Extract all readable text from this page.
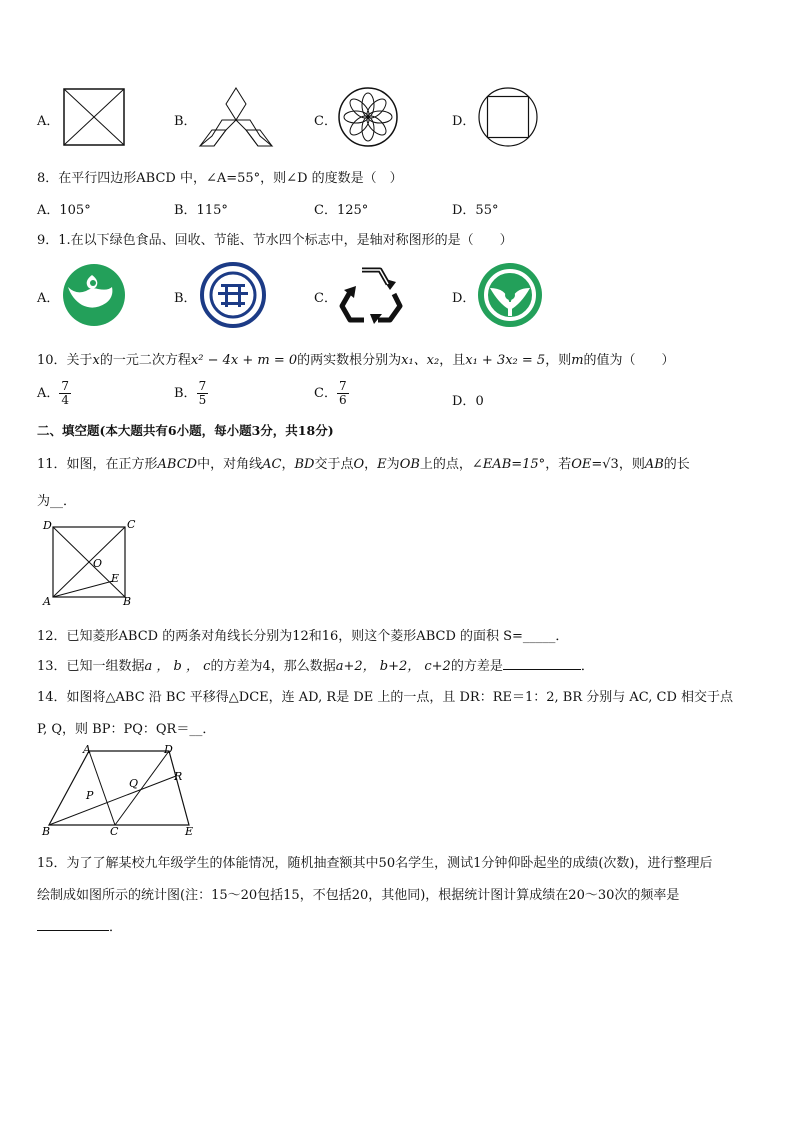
A．	B．	C．	D．
8．在平行四边形ABCD 中，∠A=55°，则∠D 的度数是（　）
A．105°	B．115°	C．125°	D．55°
9．1.在以下绿色食品、回收、节能、节水四个标志中，是轴对称图形的是（　　）
A．	B．	C．	D．
10．关于x的一元二次方程x² − 4x + m = 0的两实数根分别为x₁、x₂，且x₁ + 3x₂ = 5，则m的值为（　　）
A． $\frac{7}{4}$	B． $\frac{7}{5}$	C． $\frac{7}{6}$	D．0
二、填空题(本大题共有6小题，每小题3分，共18分)
11．如图，在正方形ABCD中，对角线AC，BD交于点O，E为OB上的点，∠EAB=15°，若OE=√3，则AB的长
为__．
D	C
O
E
A	B
12．已知菱形ABCD 的两条对角线长分别为12和16，则这个菱形ABCD 的面积 S=_____．
13．已知一组数据a ， b ， c的方差为4，那么数据a+2， b+2， c+2的方差是	．
14．如图将△ABC 沿 BC 平移得△DCE，连 AD, R是 DE 上的一点，且 DR：RE＝1：2, BR 分别与 AC, CD 相交于点
P, Q，则 BP：PQ：QR＝__．
A	D
R
Q
P
B	C	E
15．为了了解某校九年级学生的体能情况，随机抽查额其中50名学生，测试1分钟仰卧起坐的成绩(次数)，进行整理后
绘制成如图所示的统计图(注：15～20包括15，不包括20，其他同)，根据统计图计算成绩在20～30次的频率是
．
